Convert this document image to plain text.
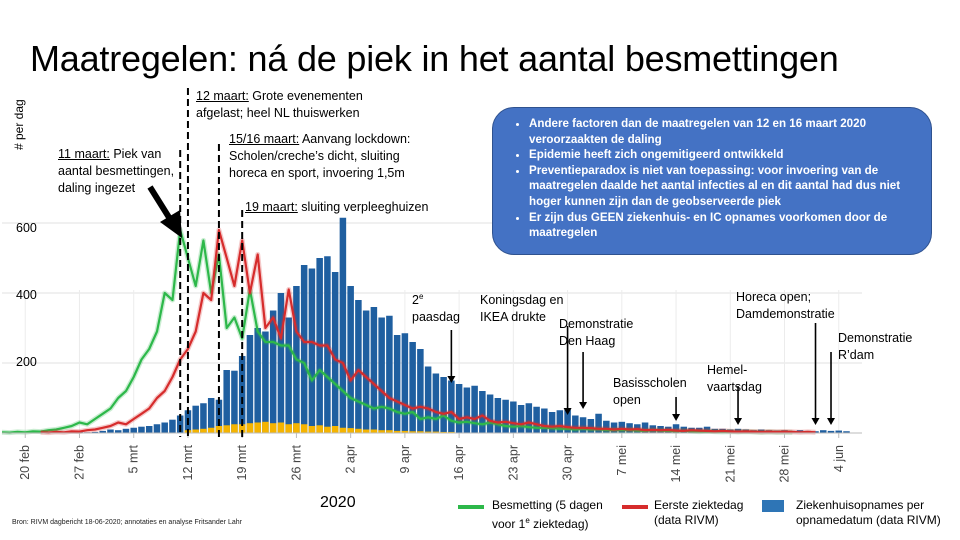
Maatregelen: ná de piek in het aantal besmettingen
20 feb	27 feb	5 mrt	12 mrt	19 mrt	26 mrt	2 apr	9 apr	16 apr	23 apr	30 apr	7 mei	14 mei	21 mei	28 mei	4 jun
# per dag
600
400
200
11 maart: Piek van
aantal besmettingen,
daling ingezet
12 maart: Grote evenementen
afgelast; heel NL thuiswerken
15/16 maart: Aanvang lockdown:
Scholen/creche’s dicht, sluiting
horeca en sport, invoering 1,5m
19 maart: sluiting verpleeghuizen
• Andere factoren dan de maatregelen van 12 en 16 maart 2020 veroorzaakten de daling
• Epidemie heeft zich ongemitigeerd ontwikkeld
• Preventieparadox is niet van toepassing: voor invoering van de maatregelen daalde het aantal infecties al en dit aantal had dus niet hoger kunnen zijn dan de geobserveerde piek
• Er zijn dus GEEN ziekenhuis- en IC opnames voorkomen door de maatregelen
2e
paasdag
Koningsdag en
IKEA drukte	Demonstratie
Den Haag
Basisscholen
open
Hemel-
vaartsdag
Horeca open;
Damdemonstratie
Demonstratie
R’dam
2020
Bron: RIVM dagbericht 18-06-2020; annotaties en analyse Fritsander Lahr
Besmetting (5 dagen
voor 1e ziektedag)
Eerste ziektedag
(data RIVM)
Ziekenhuisopnames per
opnamedatum (data RIVM)
